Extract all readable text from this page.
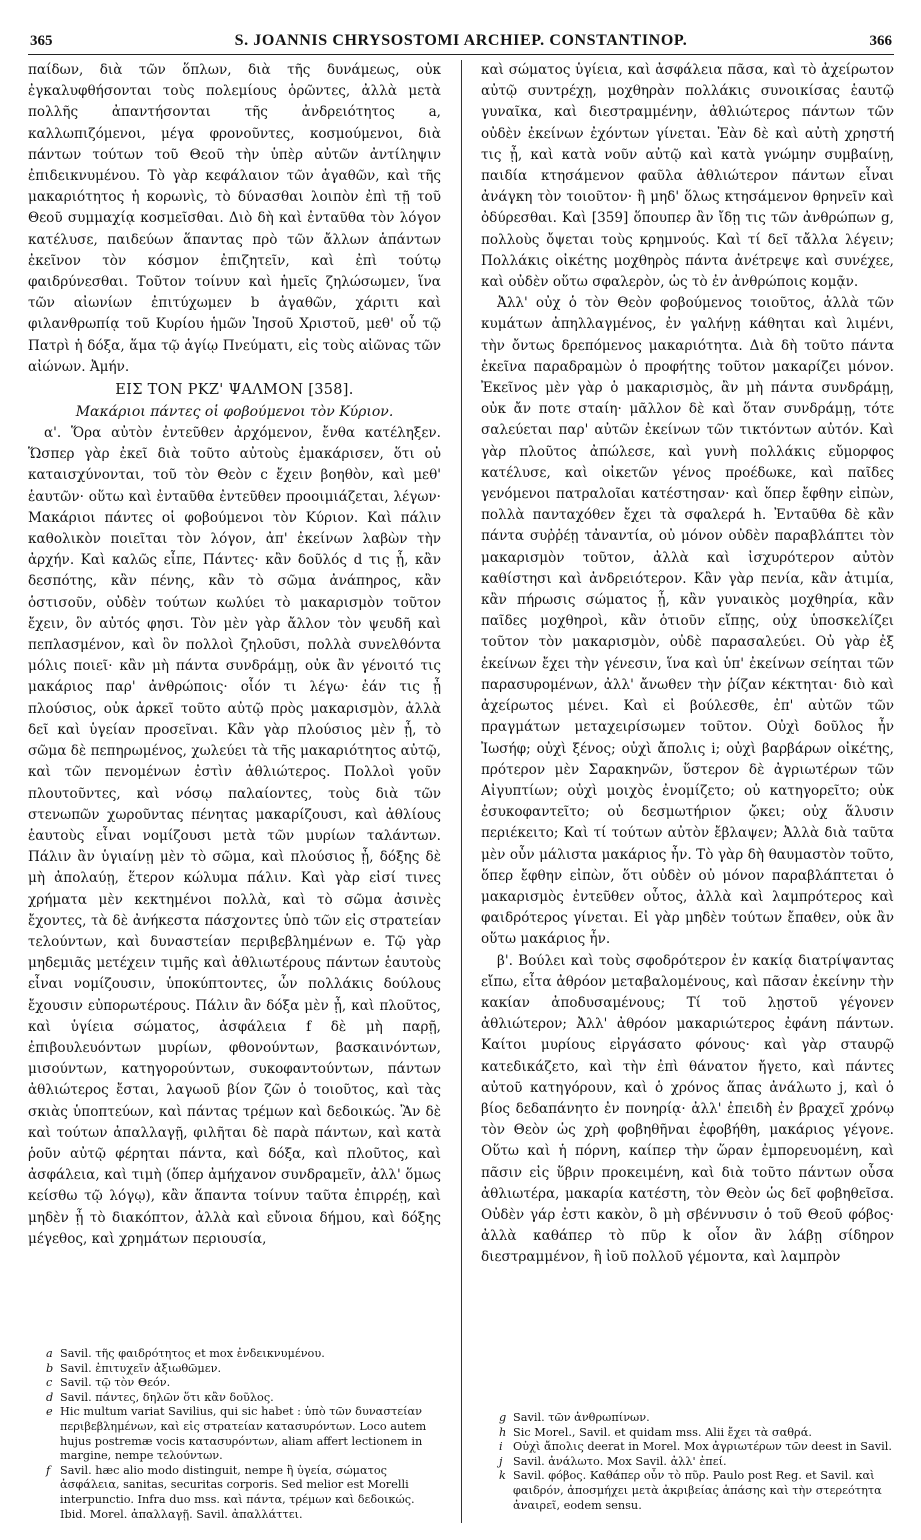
365	S. JOANNIS CHRYSOSTOMI ARCHIEP. CONSTANTINOP.	366

παίδων, διὰ τῶν ὅπλων, διὰ τῆς δυνάμεως, οὐκ ἐγκαλυφθήσονται τοὺς πολεμίους ὁρῶντες, ἀλλὰ μετὰ πολλῆς ἀπαντήσονται τῆς ἀνδρειότητος a, καλλωπιζόμενοι, μέγα φρονοῦντες, κοσμούμενοι, διὰ πάντων τούτων τοῦ Θεοῦ τὴν ὑπὲρ αὐτῶν ἀντίληψιν ἐπιδεικνυμένου. Τὸ γὰρ κεφάλαιον τῶν ἀγαθῶν, καὶ τῆς μακαριότητος ἡ κορωνὶς, τὸ δύνασθαι λοιπὸν ἐπὶ τῇ τοῦ Θεοῦ συμμαχίᾳ κοσμεῖσθαι. Διὸ δὴ καὶ ἐνταῦθα τὸν λόγον κατέλυσε, παιδεύων ἅπαντας πρὸ τῶν ἄλλων ἁπάντων ἐκεῖνον τὸν κόσμον ἐπιζητεῖν, καὶ ἐπὶ τούτῳ φαιδρύνεσθαι. Τοῦτον τοίνυν καὶ ἡμεῖς ζηλώσωμεν, ἵνα τῶν αἰωνίων ἐπιτύχωμεν b ἀγαθῶν, χάριτι καὶ φιλανθρωπίᾳ τοῦ Κυρίου ἡμῶν Ἰησοῦ Χριστοῦ, μεθ' οὗ τῷ Πατρὶ ἡ δόξα, ἅμα τῷ ἁγίῳ Πνεύματι, εἰς τοὺς αἰῶνας τῶν αἰώνων. Ἀμήν.

ΕΙΣ ΤΟΝ ΡΚΖ' ΨΑΛΜΟΝ [358].
Μακάριοι πάντες οἱ φοβούμενοι τὸν Κύριον.

α'. Ὅρα αὐτὸν ἐντεῦθεν ἀρχόμενον, ἔνθα κατέληξεν. Ὥσπερ γὰρ ἐκεῖ διὰ τοῦτο αὐτοὺς ἐμακάρισεν, ὅτι οὐ καταισχύνονται, τοῦ τὸν Θεὸν c ἔχειν βοηθὸν, καὶ μεθ' ἑαυτῶν· οὕτω καὶ ἐνταῦθα ἐντεῦθεν προοιμιάζεται, λέγων· Μακάριοι πάντες οἱ φοβούμενοι τὸν Κύριον. Καὶ πάλιν καθολικὸν ποιεῖται τὸν λόγον, ἀπ' ἐκείνων λαβὼν τὴν ἀρχήν. Καὶ καλῶς εἶπε, Πάντες· κἂν δοῦλός d τις ᾖ, κἂν δεσπότης, κἂν πένης, κἂν τὸ σῶμα ἀνάπηρος, κἂν ὁστισοῦν, οὐδὲν τούτων κωλύει τὸ μακαρισμὸν τοῦτον ἔχειν, ὃν αὐτός φησι. Τὸν μὲν γὰρ ἄλλον τὸν ψευδῆ καὶ πεπλασμένον, καὶ ὃν πολλοὶ ζηλοῦσι, πολλὰ συνελθόντα μόλις ποιεῖ· κἂν μὴ πάντα συνδράμῃ, οὐκ ἂν γένοιτό τις μακάριος παρ' ἀνθρώποις· οἷόν τι λέγω· ἐάν τις ᾖ πλούσιος, οὐκ ἀρκεῖ τοῦτο αὐτῷ πρὸς μακαρισμὸν, ἀλλὰ δεῖ καὶ ὑγείαν προσεῖναι. Κἂν γὰρ πλούσιος μὲν ᾖ, τὸ σῶμα δὲ πεπηρωμένος, χωλεύει τὰ τῆς μακαριότητος αὐτῷ, καὶ τῶν πενομένων ἐστὶν ἀθλιώτερος. Πολλοὶ γοῦν πλουτοῦντες, καὶ νόσῳ παλαίοντες, τοὺς διὰ τῶν στενωπῶν χωροῦντας πένητας μακαρίζουσι, καὶ ἀθλίους ἑαυτοὺς εἶναι νομίζουσι μετὰ τῶν μυρίων ταλάντων. Πάλιν ἂν ὑγιαίνῃ μὲν τὸ σῶμα, καὶ πλούσιος ᾖ, δόξης δὲ μὴ ἀπολαύῃ, ἕτερον κώλυμα πάλιν. Καὶ γὰρ εἰσί τινες χρήματα μὲν κεκτημένοι πολλὰ, καὶ τὸ σῶμα ἀσινὲς ἔχοντες, τὰ δὲ ἀνήκεστα πάσχοντες ὑπὸ τῶν εἰς στρατείαν τελούντων, καὶ δυναστείαν περιβεβλημένων e. Τῷ γὰρ μηδεμιᾶς μετέχειν τιμῆς καὶ ἀθλιωτέρους πάντων ἑαυτοὺς εἶναι νομίζουσιν, ὑποκύπτοντες, ὧν πολλάκις δούλους ἔχουσιν εὐπορωτέρους. Πάλιν ἂν δόξα μὲν ᾖ, καὶ πλοῦτος, καὶ ὑγίεια σώματος, ἀσφάλεια f δὲ μὴ παρῇ, ἐπιβουλευόντων μυρίων, φθονούντων, βασκαινόντων, μισούντων, κατηγορούντων, συκοφαντούντων, πάντων ἀθλιώτερος ἔσται, λαγωοῦ βίον ζῶν ὁ τοιοῦτος, καὶ τὰς σκιὰς ὑποπτεύων, καὶ πάντας τρέμων καὶ δεδοικώς. Ἂν δὲ καὶ τούτων ἀπαλλαγῇ, φιλῆται δὲ παρὰ πάντων, καὶ κατὰ ῥοῦν αὐτῷ φέρηται πάντα, καὶ δόξα, καὶ πλοῦτος, καὶ ἀσφάλεια, καὶ τιμὴ (ὅπερ ἀμήχανον συνδραμεῖν, ἀλλ' ὅμως κείσθω τῷ λόγῳ), κἂν ἅπαντα τοίνυν ταῦτα ἐπιρρέῃ, καὶ μηδὲν ᾖ τὸ διακόπτον, ἀλλὰ καὶ εὔνοια δήμου, καὶ δόξης μέγεθος, καὶ χρημάτων περιουσία,

a Savil. τῆς φαιδρότητος et mox ἐνδεικνυμένου.
b Savil. ἐπιτυχεῖν ἀξιωθῶμεν.
c Savil. τῷ τὸν Θεόν.
d Savil. πάντες, δηλῶν ὅτι κἂν δοῦλος.
e Hic multum variat Savilius, qui sic habet : ὑπὸ τῶν δυναστείαν περιβεβλημένων, καὶ εἰς στρατείαν κατασυρόντων. Loco autem hujus postremæ vocis κατασυρόντων, aliam affert lectionem in margine, nempe τελούντων.
f Savil. hæc alio modo distinguit, nempe ἢ ὑγεία, σώματος ἀσφάλεια, sanitas, securitas corporis. Sed melior est Morelli interpunctio. Infra duo mss. καὶ πάντα, τρέμων καὶ δεδοικώς. Ibid. Morel. ἀπαλλαγῇ. Savil. ἀπαλλάττει.

καὶ σώματος ὑγίεια, καὶ ἀσφάλεια πᾶσα, καὶ τὸ ἀχείρωτον αὐτῷ συντρέχῃ, μοχθηρὰν πολλάκις συνοικίσας ἑαυτῷ γυναῖκα, καὶ διεστραμμένην, ἀθλιώτερος πάντων τῶν οὐδὲν ἐκείνων ἐχόντων γίνεται. Ἐὰν δὲ καὶ αὐτὴ χρηστή τις ᾖ, καὶ κατὰ νοῦν αὐτῷ καὶ κατὰ γνώμην συμβαίνῃ, παιδία κτησάμενον φαῦλα ἀθλιώτερον πάντων εἶναι ἀνάγκη τὸν τοιοῦτον· ἢ μηδ' ὅλως κτησάμενον θρηνεῖν καὶ ὀδύρεσθαι. Καὶ [359] ὅπουπερ ἂν ἴδῃ τις τῶν ἀνθρώπων g, πολλοὺς ὄψεται τοὺς κρημνούς. Καὶ τί δεῖ τἄλλα λέγειν; Πολλάκις οἰκέτης μοχθηρὸς πάντα ἀνέτρεψε καὶ συνέχεε, καὶ οὐδὲν οὕτω σφαλερὸν, ὡς τὸ ἐν ἀνθρώποις κομᾷν.

Ἀλλ' οὐχ ὁ τὸν Θεὸν φοβούμενος τοιοῦτος, ἀλλὰ τῶν κυμάτων ἀπηλλαγμένος, ἐν γαλήνῃ κάθηται καὶ λιμένι, τὴν ὄντως δρεπόμενος μακαριότητα. Διὰ δὴ τοῦτο πάντα ἐκεῖνα παραδραμὼν ὁ προφήτης τοῦτον μακαρίζει μόνον. Ἐκεῖνος μὲν γὰρ ὁ μακαρισμὸς, ἂν μὴ πάντα συνδράμῃ, οὐκ ἄν ποτε σταίη· μᾶλλον δὲ καὶ ὅταν συνδράμῃ, τότε σαλεύεται παρ' αὐτῶν ἐκείνων τῶν τικτόντων αὐτόν. Καὶ γὰρ πλοῦτος ἀπώλεσε, καὶ γυνὴ πολλάκις εὔμορφος κατέλυσε, καὶ οἰκετῶν γένος προέδωκε, καὶ παῖδες γενόμενοι πατραλοῖαι κατέστησαν· καὶ ὅπερ ἔφθην εἰπὼν, πολλὰ πανταχόθεν ἔχει τὰ σφαλερά h. Ἐνταῦθα δὲ κἂν πάντα συῤῥέῃ τἀναντία, οὐ μόνον οὐδὲν παραβλάπτει τὸν μακαρισμὸν τοῦτον, ἀλλὰ καὶ ἰσχυρότερον αὐτὸν καθίστησι καὶ ἀνδρειότερον. Κἂν γὰρ πενία, κἂν ἀτιμία, κἂν πήρωσις σώματος ᾖ, κἂν γυναικὸς μοχθηρία, κἂν παῖδες μοχθηροὶ, κἂν ὁτιοῦν εἴπῃς, οὐχ ὑποσκελίζει τοῦτον τὸν μακαρισμὸν, οὐδὲ παρασαλεύει. Οὐ γὰρ ἐξ ἐκείνων ἔχει τὴν γένεσιν, ἵνα καὶ ὑπ' ἐκείνων σείηται τῶν παρασυρομένων, ἀλλ' ἄνωθεν τὴν ῥίζαν κέκτηται· διὸ καὶ ἀχείρωτος μένει. Καὶ εἰ βούλεσθε, ἐπ' αὐτῶν τῶν πραγμάτων μεταχειρίσωμεν τοῦτον. Οὐχὶ δοῦλος ἦν Ἰωσήφ; οὐχὶ ξένος; οὐχὶ ἄπολις i; οὐχὶ βαρβάρων οἰκέτης, πρότερον μὲν Σαρακηνῶν, ὕστερον δὲ ἀγριωτέρων τῶν Αἰγυπτίων; οὐχὶ μοιχὸς ἐνομίζετο; οὐ κατηγορεῖτο; οὐκ ἐσυκοφαντεῖτο; οὐ δεσμωτήριον ᾤκει; οὐχ ἅλυσιν περιέκειτο; Καὶ τί τούτων αὐτὸν ἔβλαψεν; Ἀλλὰ διὰ ταῦτα μὲν οὖν μάλιστα μακάριος ἦν. Τὸ γὰρ δὴ θαυμαστὸν τοῦτο, ὅπερ ἔφθην εἰπὼν, ὅτι οὐδὲν οὐ μόνον παραβλάπτεται ὁ μακαρισμὸς ἐντεῦθεν οὗτος, ἀλλὰ καὶ λαμπρότερος καὶ φαιδρότερος γίνεται. Εἰ γὰρ μηδὲν τούτων ἔπαθεν, οὐκ ἂν οὕτω μακάριος ἦν.

β'. Βούλει καὶ τοὺς σφοδρότερον ἐν κακίᾳ διατρίψαντας εἴπω, εἶτα ἀθρόον μεταβαλομένους, καὶ πᾶσαν ἐκείνην τὴν κακίαν ἀποδυσαμένους; Τί τοῦ λῃστοῦ γέγονεν ἀθλιώτερον; Ἀλλ' ἀθρόον μακαριώτερος ἐφάνη πάντων. Καίτοι μυρίους εἰργάσατο φόνους· καὶ γὰρ σταυρῷ κατεδικάζετο, καὶ τὴν ἐπὶ θάνατον ἤγετο, καὶ πάντες αὐτοῦ κατηγόρουν, καὶ ὁ χρόνος ἅπας ἀνάλωτο j, καὶ ὁ βίος δεδαπάνητο ἐν πονηρίᾳ· ἀλλ' ἐπειδὴ ἐν βραχεῖ χρόνῳ τὸν Θεὸν ὡς χρὴ φοβηθῆναι ἐφοβήθη, μακάριος γέγονε. Οὕτω καὶ ἡ πόρνη, καίπερ τὴν ὥραν ἐμπορευομένη, καὶ πᾶσιν εἰς ὕβριν προκειμένη, καὶ διὰ τοῦτο πάντων οὖσα ἀθλιωτέρα, μακαρία κατέστη, τὸν Θεὸν ὡς δεῖ φοβηθεῖσα. Οὐδὲν γάρ ἐστι κακὸν, ὃ μὴ σβέννυσιν ὁ τοῦ Θεοῦ φόβος· ἀλλὰ καθάπερ τὸ πῦρ k οἷον ἂν λάβῃ σίδηρον διεστραμμένον, ἢ ἰοῦ πολλοῦ γέμοντα, καὶ λαμπρὸν

g Savil. τῶν ἀνθρωπίνων.
h Sic Morel., Savil. et quidam mss. Alii ἔχει τὰ σαθρά.
i Οὐχὶ ἄπολις deerat in Morel. Mox ἀγριωτέρων τῶν deest in Savil.
j Savil. ἀνάλωτο. Mox Savil. ἀλλ' ἐπεί.
k Savil. φόβος. Καθάπερ οὖν τὸ πῦρ. Paulo post Reg. et Savil. καὶ φαιδρόν, ἀποσμήχει μετὰ ἀκριβείας ἁπάσης καὶ τὴν στερεότητα ἀναιρεῖ, eodem sensu.
